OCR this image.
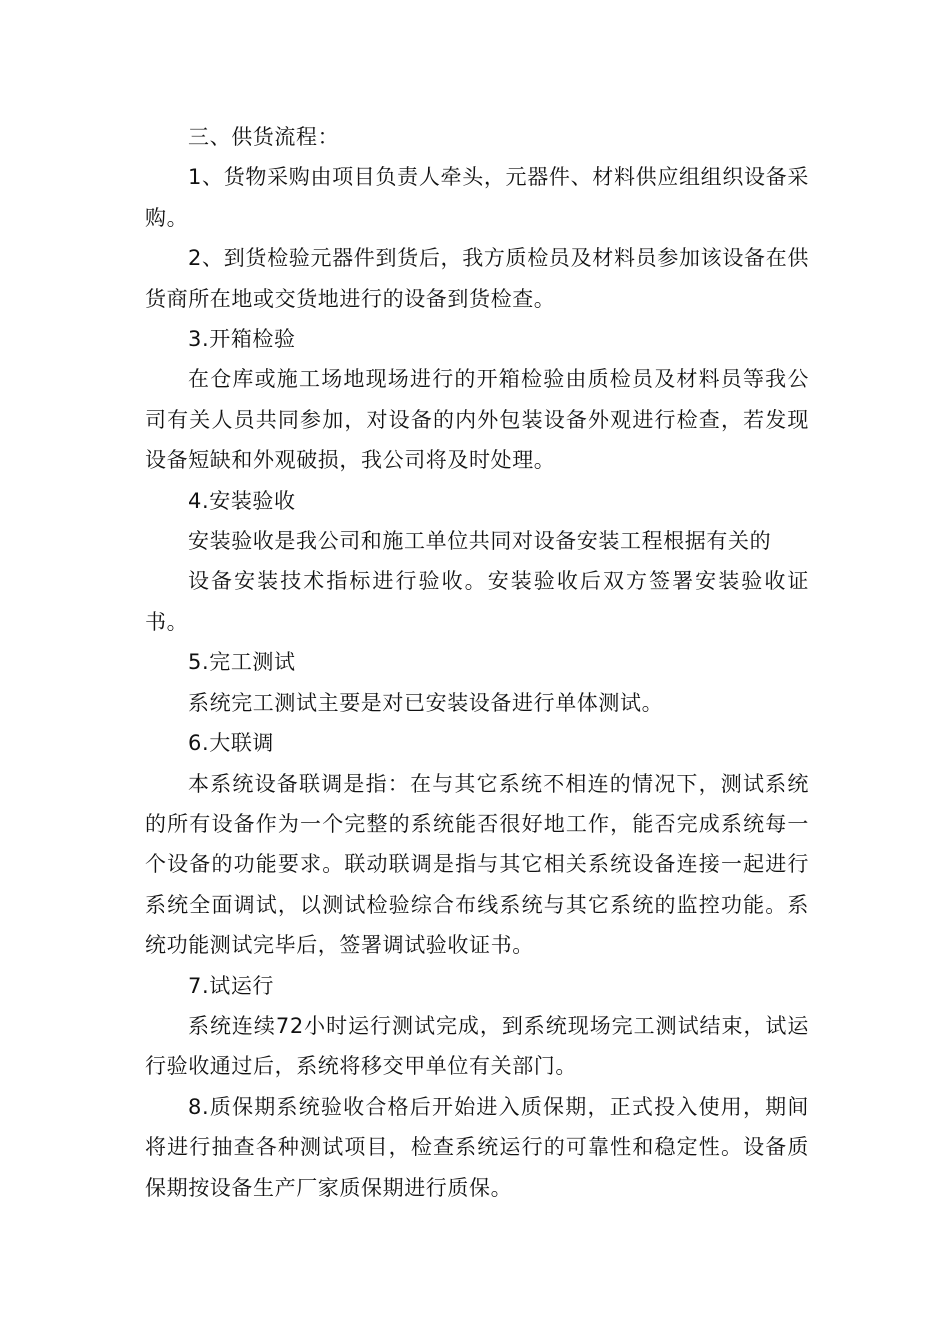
三、供货流程：

1、货物采购由项目负责人牵头，元器件、材料供应组组织设备采购。

2、到货检验元器件到货后，我方质检员及材料员参加该设备在供货商所在地或交货地进行的设备到货检查。

3.开箱检验

在仓库或施工场地现场进行的开箱检验由质检员及材料员等我公司有关人员共同参加，对设备的内外包装设备外观进行检查，若发现设备短缺和外观破损，我公司将及时处理。

4.安装验收

安装验收是我公司和施工单位共同对设备安装工程根据有关的

设备安装技术指标进行验收。安装验收后双方签署安装验收证书。

5.完工测试

系统完工测试主要是对已安装设备进行单体测试。

6.大联调

本系统设备联调是指：在与其它系统不相连的情况下，测试系统的所有设备作为一个完整的系统能否很好地工作，能否完成系统每一个设备的功能要求。联动联调是指与其它相关系统设备连接一起进行系统全面调试，以测试检验综合布线系统与其它系统的监控功能。系统功能测试完毕后，签署调试验收证书。

7.试运行

系统连续72小时运行测试完成，到系统现场完工测试结束，试运行验收通过后，系统将移交甲单位有关部门。

8.质保期系统验收合格后开始进入质保期，正式投入使用，期间将进行抽查各种测试项目，检查系统运行的可靠性和稳定性。设备质保期按设备生产厂家质保期进行质保。
